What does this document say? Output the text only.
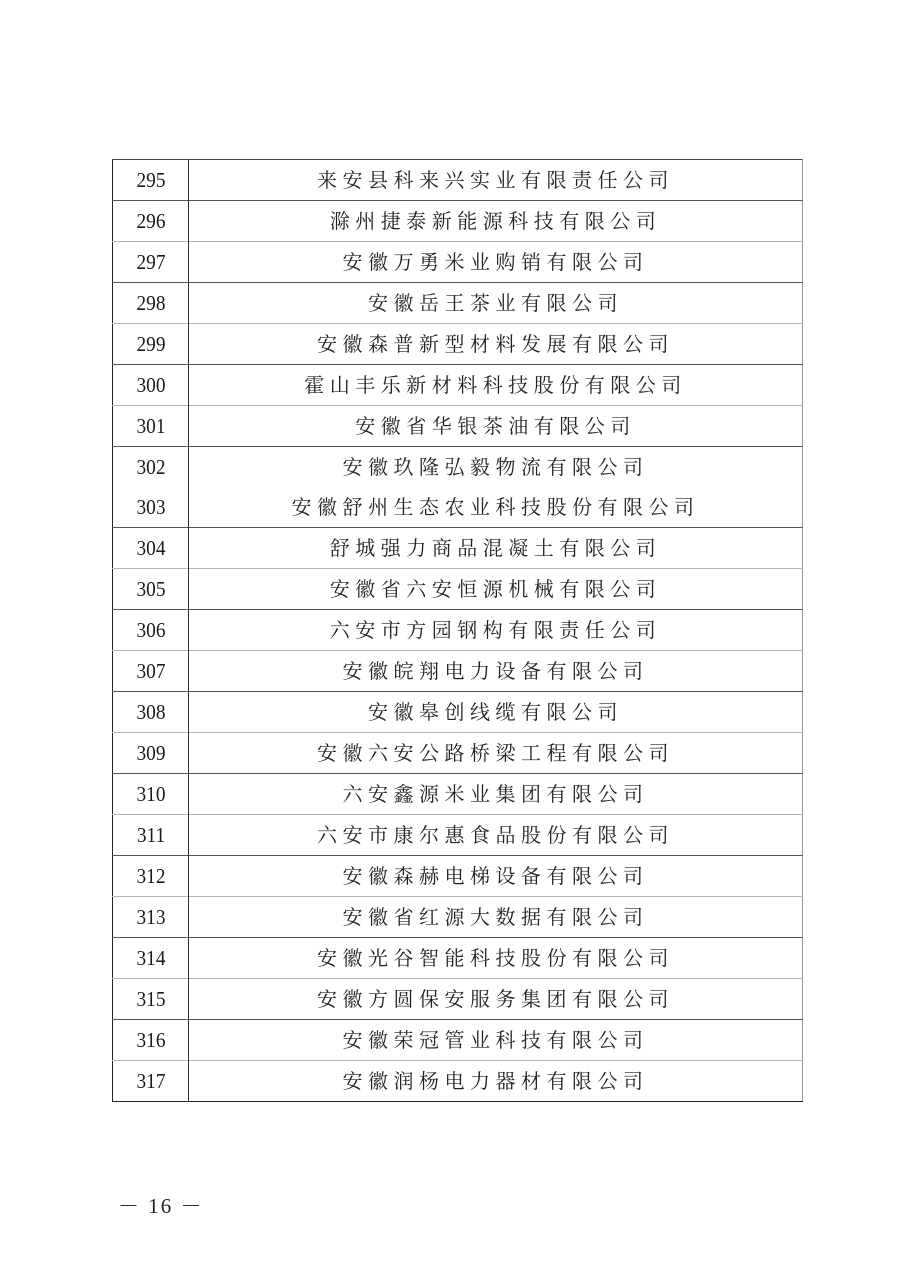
295	来安县科来兴实业有限责任公司
296	滁州捷泰新能源科技有限公司
297	安徽万勇米业购销有限公司
298	安徽岳王茶业有限公司
299	安徽森普新型材料发展有限公司
300	霍山丰乐新材料科技股份有限公司
301	安徽省华银茶油有限公司
302	安徽玖隆弘毅物流有限公司
303	安徽舒州生态农业科技股份有限公司
304	舒城强力商品混凝土有限公司
305	安徽省六安恒源机械有限公司
306	六安市方园钢构有限责任公司
307	安徽皖翔电力设备有限公司
308	安徽皋创线缆有限公司
309	安徽六安公路桥梁工程有限公司
310	六安鑫源米业集团有限公司
311	六安市康尔惠食品股份有限公司
312	安徽森赫电梯设备有限公司
313	安徽省红源大数据有限公司
314	安徽光谷智能科技股份有限公司
315	安徽方圆保安服务集团有限公司
316	安徽荣冠管业科技有限公司
317	安徽润杨电力器材有限公司
－ 16 －
